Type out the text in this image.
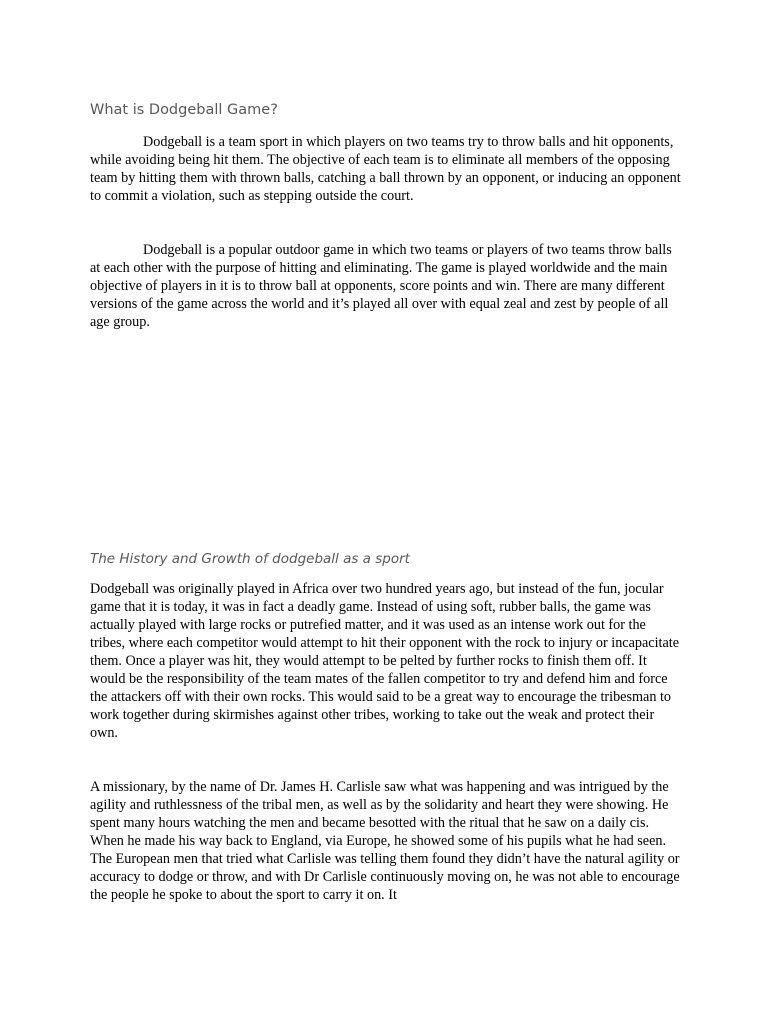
What is Dodgeball Game?

Dodgeball is a team sport in which players on two teams try to throw balls and hit opponents, while avoiding being hit them. The objective of each team is to eliminate all members of the opposing team by hitting them with thrown balls, catching a ball thrown by an opponent, or inducing an opponent to commit a violation, such as stepping outside the court.

Dodgeball is a popular outdoor game in which two teams or players of two teams throw balls at each other with the purpose of hitting and eliminating. The game is played worldwide and the main objective of players in it is to throw ball at opponents, score points and win. There are many different versions of the game across the world and it’s played all over with equal zeal and zest by people of all age group.

The History and Growth of dodgeball as a sport

Dodgeball was originally played in Africa over two hundred years ago, but instead of the fun, jocular game that it is today, it was in fact a deadly game. Instead of using soft, rubber balls, the game was actually played with large rocks or putrefied matter, and it was used as an intense work out for the tribes, where each competitor would attempt to hit their opponent with the rock to injury or incapacitate them. Once a player was hit, they would attempt to be pelted by further rocks to finish them off. It would be the responsibility of the team mates of the fallen competitor to try and defend him and force the attackers off with their own rocks. This would said to be a great way to encourage the tribesman to work together during skirmishes against other tribes, working to take out the weak and protect their own.

A missionary, by the name of Dr. James H. Carlisle saw what was happening and was intrigued by the agility and ruthlessness of the tribal men, as well as by the solidarity and heart they were showing. He spent many hours watching the men and became besotted with the ritual that he saw on a daily cis. When he made his way back to England, via Europe, he showed some of his pupils what he had seen. The European men that tried what Carlisle was telling them found they didn’t have the natural agility or accuracy to dodge or throw, and with Dr Carlisle continuously moving on, he was not able to encourage the people he spoke to about the sport to carry it on. It
